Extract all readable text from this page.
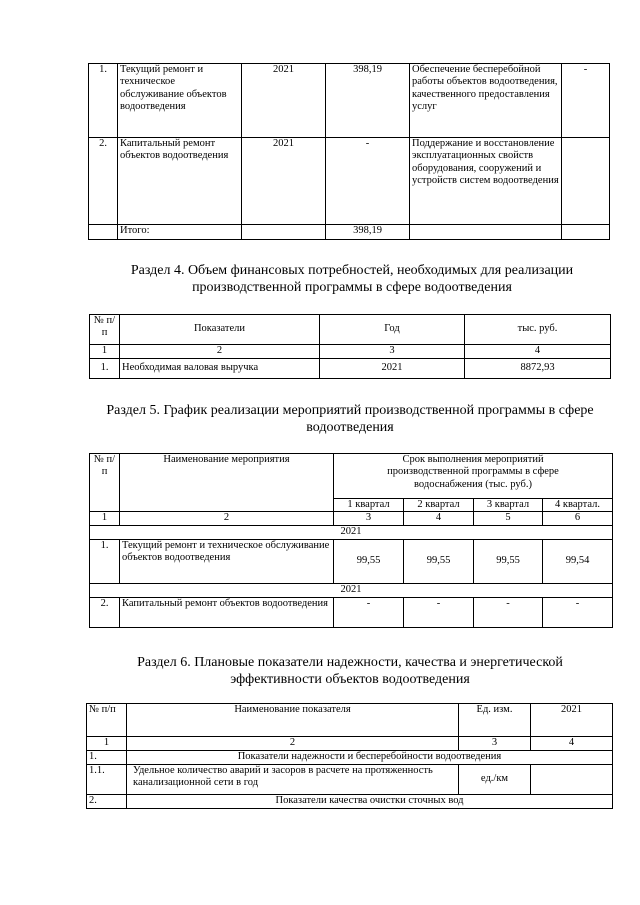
1.	Текущий ремонт и техническое обслуживание объектов водоотведения	2021	398,19	Обеспечение бесперебойной работы объектов водоотведения, качественного предоставления услуг	-
2.	Капитальный ремонт объектов водоотведения	2021	-	Поддержание и восстановление эксплуатационных свойств оборудования, сооружений и устройств систем водоотведения	
	Итого:		398,19		
Раздел 4. Объем финансовых потребностей, необходимых для реализации производственной программы в сфере водоотведения
№ п/п	Показатели	Год	тыс. руб.
1	2	3	4
1.	Необходимая валовая выручка	2021	8872,93
Раздел 5. График реализации мероприятий производственной программы в сфере водоотведения
№ п/п	Наименование мероприятия	Срок выполнения мероприятий производственной программы в сфере водоснабжения (тыс. руб.)			
		1 квартал	2 квартал	3 квартал	4 квартал.
1	2	3	4	5	6
2021					
1.	Текущий ремонт и техническое обслуживание объектов водоотведения	99,55	99,55	99,55	99,54
2021					
2.	Капитальный ремонт объектов водоотведения	-	-	-	-
Раздел 6. Плановые показатели надежности, качества и энергетической эффективности объектов водоотведения
№ п/п	Наименование показателя	Ед. изм.	2021
1	2	3	4
1.	Показатели надежности и бесперебойности водоотведения		
1.1.	Удельное количество аварий и засоров в расчете на протяженность канализационной сети в год	ед./км	
2.	Показатели качества очистки сточных вод		
